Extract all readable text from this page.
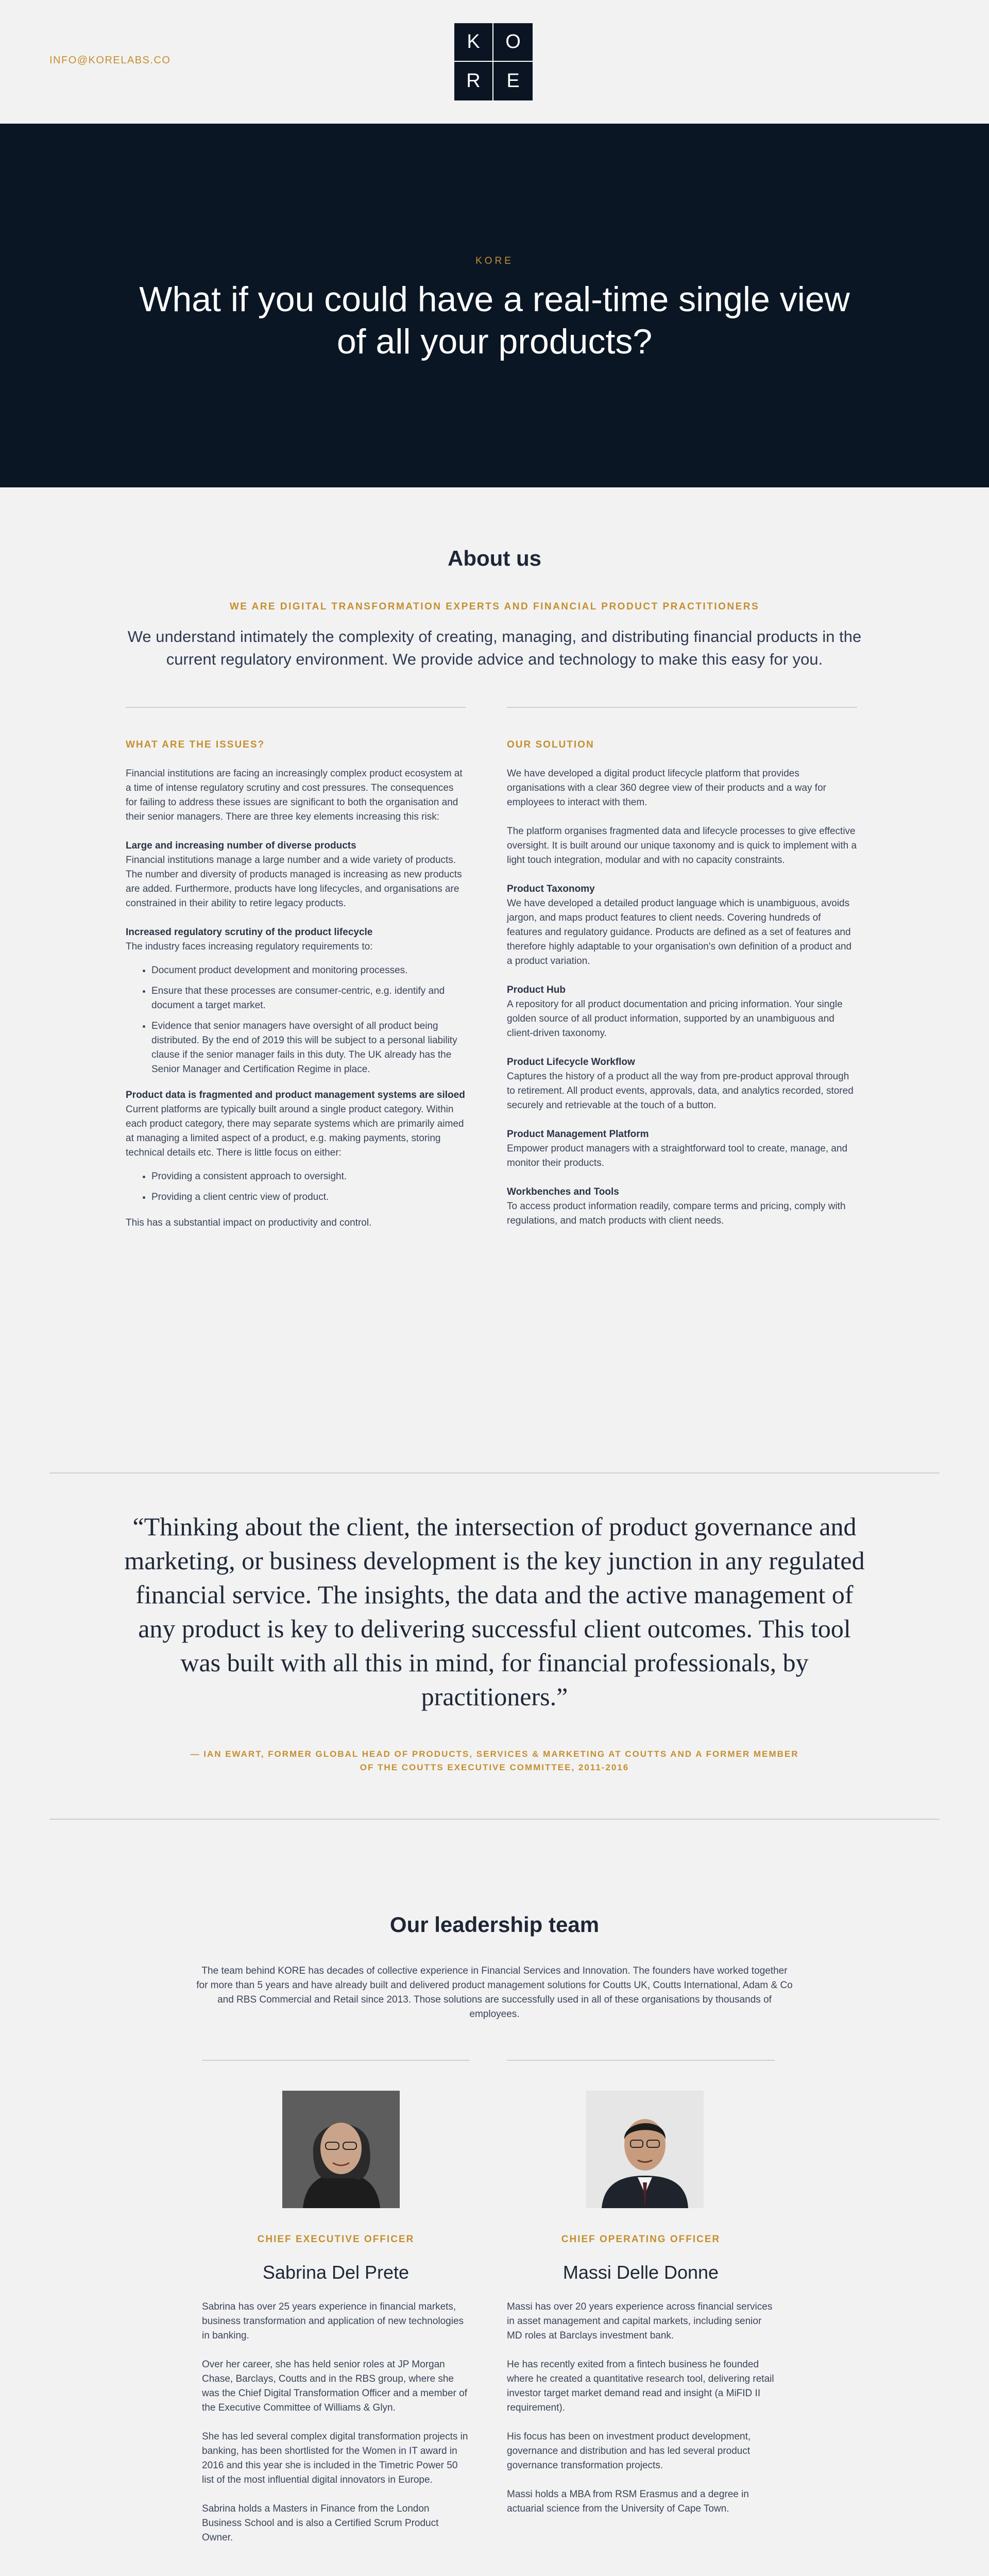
INFO@KORELABS.CO
K	O
R	E
KORE
What if you could have a real-time single view of all your products?
About us
WE ARE DIGITAL TRANSFORMATION EXPERTS AND FINANCIAL PRODUCT PRACTITIONERS

We understand intimately the complexity of creating, managing, and distributing financial products in the current regulatory environment. We provide advice and technology to make this easy for you.

WHAT ARE THE ISSUES?

Financial institutions are facing an increasingly complex product ecosystem at a time of intense regulatory scrutiny and cost pressures. The consequences for failing to address these issues are significant to both the organisation and their senior managers. There are three key elements increasing this risk:

Large and increasing number of diverse products
Financial institutions manage a large number and a wide variety of products. The number and diversity of products managed is increasing as new products are added. Furthermore, products have long lifecycles, and organisations are constrained in their ability to retire legacy products.

Increased regulatory scrutiny of the product lifecycle
The industry faces increasing regulatory requirements to:

• Document product development and monitoring processes.
• Ensure that these processes are consumer-centric, e.g. identify and document a target market.
• Evidence that senior managers have oversight of all product being distributed. By the end of 2019 this will be subject to a personal liability clause if the senior manager fails in this duty. The UK already has the Senior Manager and Certification Regime in place.

Product data is fragmented and product management systems are siloed
Current platforms are typically built around a single product category. Within each product category, there may separate systems which are primarily aimed at managing a limited aspect of a product, e.g. making payments, storing technical details etc. There is little focus on either:

• Providing a consistent approach to oversight.
• Providing a client centric view of product.

This has a substantial impact on productivity and control.

OUR SOLUTION

We have developed a digital product lifecycle platform that provides organisations with a clear 360 degree view of their products and a way for employees to interact with them.

The platform organises fragmented data and lifecycle processes to give effective oversight. It is built around our unique taxonomy and is quick to implement with a light touch integration, modular and with no capacity constraints.

Product Taxonomy
We have developed a detailed product language which is unambiguous, avoids jargon, and maps product features to client needs. Covering hundreds of features and regulatory guidance. Products are defined as a set of features and therefore highly adaptable to your organisation's own definition of a product and a product variation.

Product Hub
A repository for all product documentation and pricing information. Your single golden source of all product information, supported by an unambiguous and client-driven taxonomy.

Product Lifecycle Workflow
Captures the history of a product all the way from pre-product approval through to retirement. All product events, approvals, data, and analytics recorded, stored securely and retrievable at the touch of a button.

Product Management Platform
Empower product managers with a straightforward tool to create, manage, and monitor their products.

Workbenches and Tools
To access product information readily, compare terms and pricing, comply with regulations, and match products with client needs.

“Thinking about the client, the intersection of product governance and marketing, or business development is the key junction in any regulated financial service. The insights, the data and the active management of any product is key to delivering successful client outcomes. This tool was built with all this in mind, for financial professionals, by practitioners.”
— IAN EWART, FORMER GLOBAL HEAD OF PRODUCTS, SERVICES & MARKETING AT COUTTS AND A FORMER MEMBER OF THE COUTTS EXECUTIVE COMMITTEE, 2011-2016
Our leadership team

The team behind KORE has decades of collective experience in Financial Services and Innovation. The founders have worked together for more than 5 years and have already built and delivered product management solutions for Coutts UK, Coutts International, Adam & Co and RBS Commercial and Retail since 2013. Those solutions are successfully used in all of these organisations by thousands of employees.

CHIEF EXECUTIVE OFFICER	CHIEF OPERATING OFFICER
Sabrina Del Prete	Massi Delle Donne

Sabrina has over 25 years experience in financial markets, business transformation and application of new technologies in banking.

Over her career, she has held senior roles at JP Morgan Chase, Barclays, Coutts and in the RBS group, where she was the Chief Digital Transformation Officer and a member of the Executive Committee of Williams & Glyn.

She has led several complex digital transformation projects in banking, has been shortlisted for the Women in IT award in 2016 and this year she is included in the Timetric Power 50 list of the most influential digital innovators in Europe.

Sabrina holds a Masters in Finance from the London Business School and is also a Certified Scrum Product Owner.

Massi has over 20 years experience across financial services in asset management and capital markets, including senior MD roles at Barclays investment bank.

He has recently exited from a fintech business he founded where he created a quantitative research tool, delivering retail investor target market demand read and insight (a MiFID II requirement).

His focus has been on investment product development, governance and distribution and has led several product governance transformation projects.

Massi holds a MBA from RSM Erasmus and a degree in actuarial science from the University of Cape Town.
